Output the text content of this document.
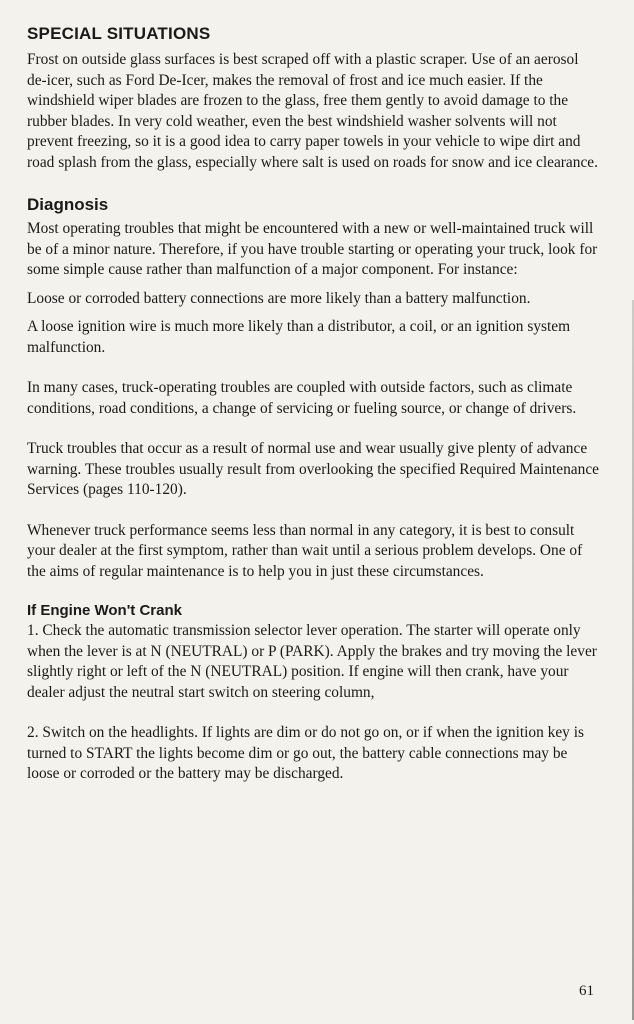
SPECIAL SITUATIONS

Frost on outside glass surfaces is best scraped off with a plastic scraper. Use of an aerosol de-icer, such as Ford De-Icer, makes the removal of frost and ice much easier. If the windshield wiper blades are frozen to the glass, free them gently to avoid damage to the rubber blades. In very cold weather, even the best windshield washer solvents will not prevent freezing, so it is a good idea to carry paper towels in your vehicle to wipe dirt and road splash from the glass, especially where salt is used on roads for snow and ice clearance.

Diagnosis

Most operating troubles that might be encountered with a new or well-maintained truck will be of a minor nature. Therefore, if you have trouble starting or operating your truck, look for some simple cause rather than malfunction of a major component. For instance:

Loose or corroded battery connections are more likely than a battery malfunction.

A loose ignition wire is much more likely than a distributor, a coil, or an ignition system malfunction.

In many cases, truck-operating troubles are coupled with outside factors, such as climate conditions, road conditions, a change of servicing or fueling source, or change of drivers.

Truck troubles that occur as a result of normal use and wear usually give plenty of advance warning. These troubles usually result from overlooking the specified Required Maintenance Services (pages 110-120).

Whenever truck performance seems less than normal in any category, it is best to consult your dealer at the first symptom, rather than wait until a serious problem develops. One of the aims of regular maintenance is to help you in just these circumstances.

If Engine Won't Crank

1. Check the automatic transmission selector lever operation. The starter will operate only when the lever is at N (NEUTRAL) or P (PARK). Apply the brakes and try moving the lever slightly right or left of the N (NEUTRAL) position. If engine will then crank, have your dealer adjust the neutral start switch on steering column,

2. Switch on the headlights. If lights are dim or do not go on, or if when the ignition key is turned to START the lights become dim or go out, the battery cable connections may be loose or corroded or the battery may be discharged.

61
